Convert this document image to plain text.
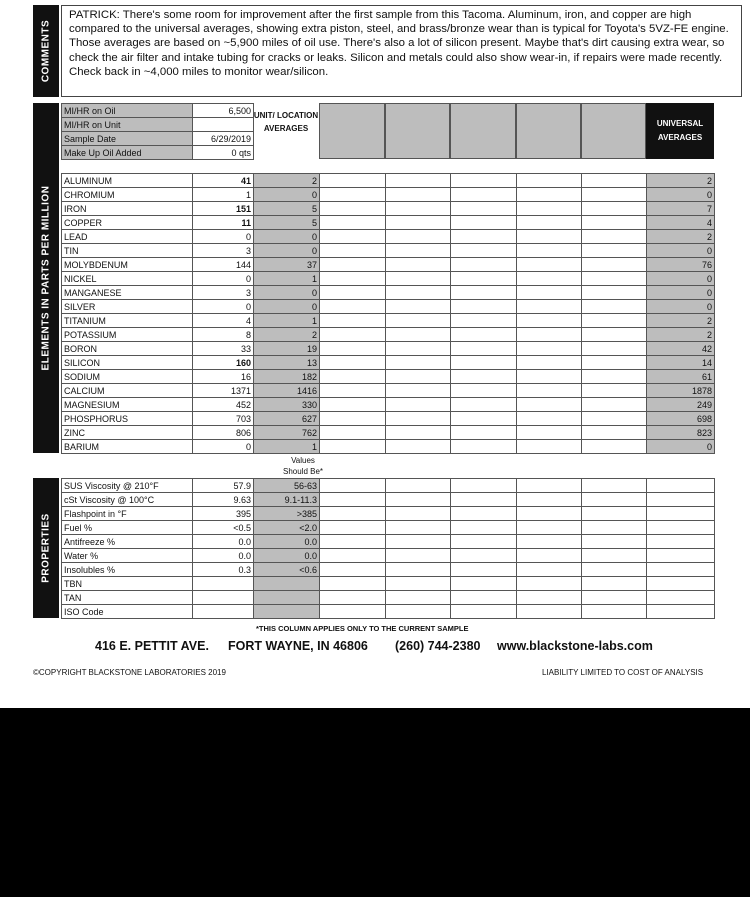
COMMENTS
PATRICK: There's some room for improvement after the first sample from this Tacoma. Aluminum, iron, and copper are high compared to the universal averages, showing extra piston, steel, and brass/bronze wear than is typical for Toyota's 5VZ-FE engine. Those averages are based on ~5,900 miles of oil use. There's also a lot of silicon present. Maybe that's dirt causing extra wear, so check the air filter and intake tubing for cracks or leaks. Silicon and metals could also show wear-in, if repairs were made recently. Check back in ~4,000 miles to monitor wear/silicon.
ELEMENTS IN PARTS PER MILLION
MI/HR on Oil	6,500
MI/HR on Unit	
Sample Date	6/29/2019
Make Up Oil Added	0 qts
UNIT/ LOCATION AVERAGES
UNIVERSAL AVERAGES
ALUMINUM	41	2						2
CHROMIUM	1	0						0
IRON	151	5						7
COPPER	11	5						4
LEAD	0	0						2
TIN	3	0						0
MOLYBDENUM	144	37						76
NICKEL	0	1						0
MANGANESE	3	0						0
SILVER	0	0						0
TITANIUM	4	1						2
POTASSIUM	8	2						2
BORON	33	19						42
SILICON	160	13						14
SODIUM	16	182						61
CALCIUM	1371	1416						1878
MAGNESIUM	452	330						249
PHOSPHORUS	703	627						698
ZINC	806	762						823
BARIUM	0	1						0
Values
Should Be*
PROPERTIES
SUS Viscosity @ 210°F	57.9	56-63						
cSt Viscosity @ 100°C	9.63	9.1-11.3						
Flashpoint in °F	395	>385						
Fuel %	<0.5	<2.0						
Antifreeze %	0.0	0.0						
Water %	0.0	0.0						
Insolubles %	0.3	<0.6						
TBN								
TAN								
ISO Code								
*THIS COLUMN APPLIES ONLY TO THE CURRENT SAMPLE
416 E. PETTIT AVE. FORT WAYNE, IN 46806 (260) 744-2380 www.blackstone-labs.com
©COPYRIGHT BLACKSTONE LABORATORIES 2019	LIABILITY LIMITED TO COST OF ANALYSIS
